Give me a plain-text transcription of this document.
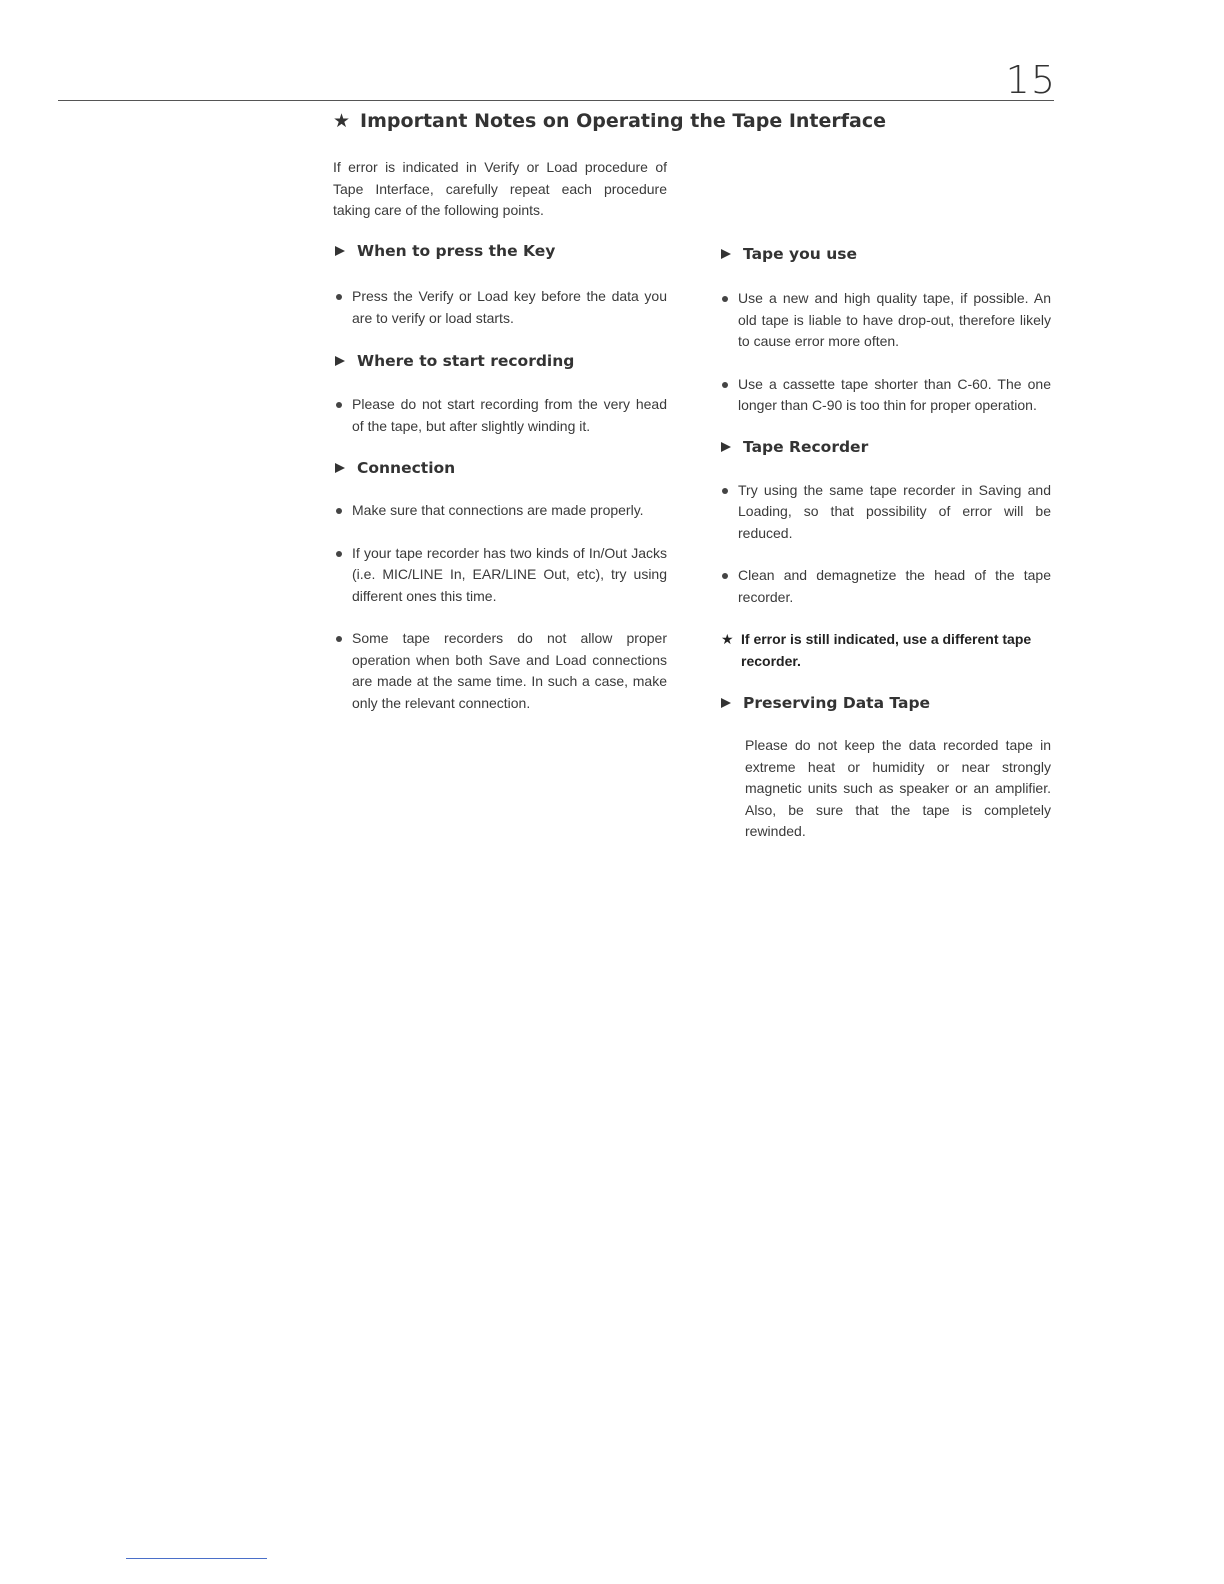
15
★ Important Notes on Operating the Tape Interface

If error is indicated in Verify or Load procedure of Tape Interface, carefully repeat each procedure taking care of the following points.

When to press the Key
Press the Verify or Load key before the data you are to verify or load starts.
Where to start recording
Please do not start recording from the very head of the tape, but after slightly winding it.
Connection
Make sure that connections are made properly.
If your tape recorder has two kinds of In/Out Jacks (i.e. MIC/LINE In, EAR/LINE Out, etc), try using different ones this time.
Some tape recorders do not allow proper operation when both Save and Load connections are made at the same time. In such a case, make only the relevant connection.
Tape you use
Use a new and high quality tape, if possible. An old tape is liable to have drop-out, therefore likely to cause error more often.
Use a cassette tape shorter than C-60. The one longer than C-90 is too thin for proper operation.
Tape Recorder
Try using the same tape recorder in Saving and Loading, so that possibility of error will be reduced.
Clean and demagnetize the head of the tape recorder.

★ If error is still indicated, use a different tape recorder.

Preserving Data Tape

Please do not keep the data recorded tape in extreme heat or humidity or near strongly magnetic units such as speaker or an amplifier. Also, be sure that the tape is completely rewinded.
